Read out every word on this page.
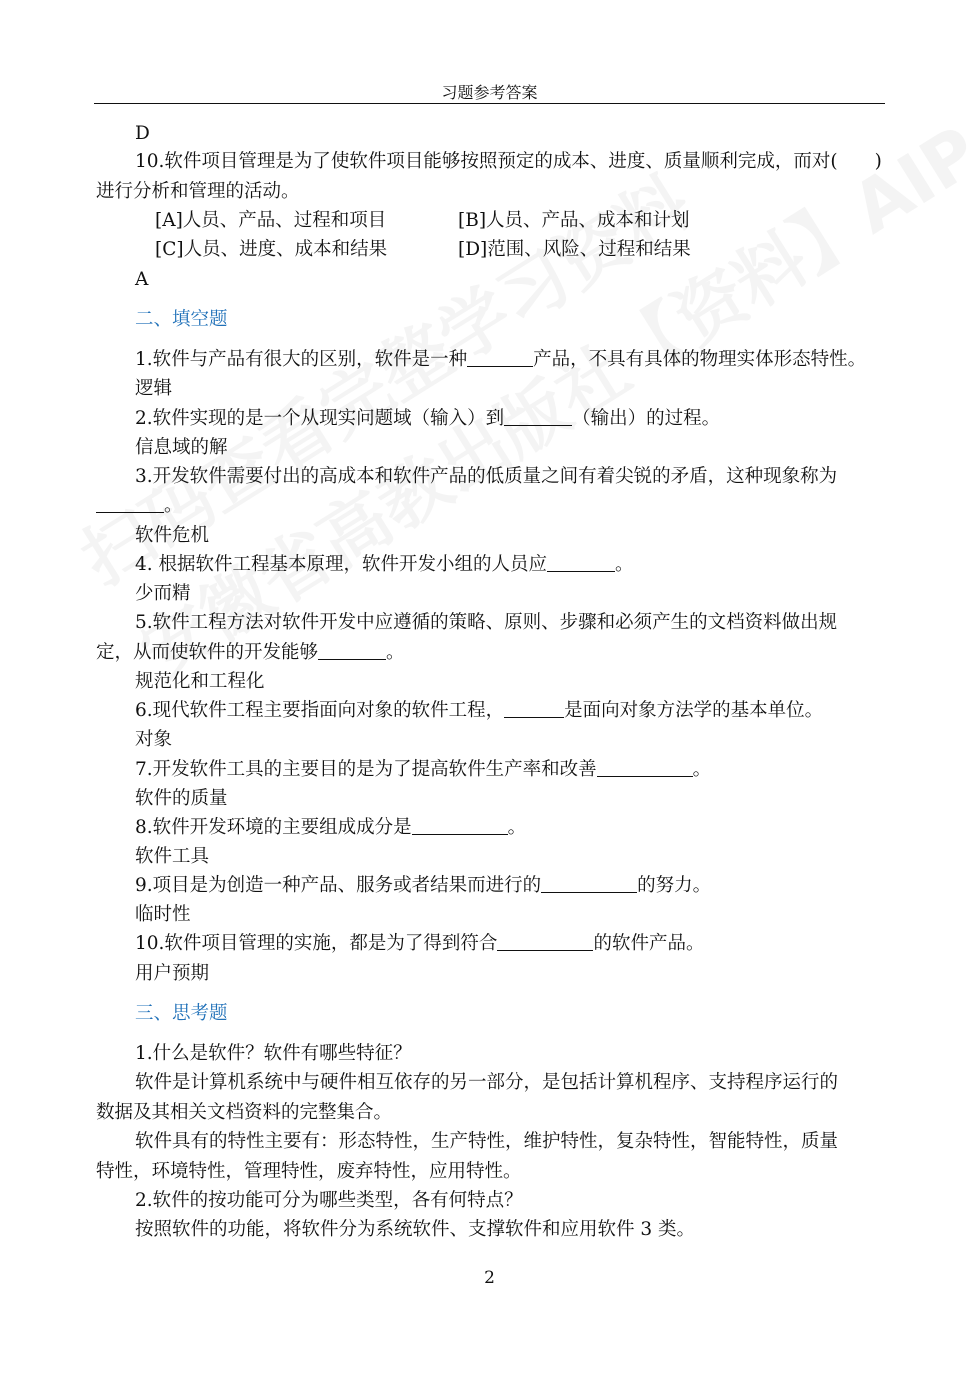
习题参考答案
D
10.软件项目管理是为了使软件项目能够按照预定的成本、进度、质量顺利完成，而对(　　)
进行分析和管理的活动。
[A]人员、产品、过程和项目	[B]人员、产品、成本和计划
[C]人员、进度、成本和结果	[D]范围、风险、过程和结果
A
二、填空题
1.软件与产品有很大的区别，软件是一种	产品，不具有具体的物理实体形态特性。
逻辑
2.软件实现的是一个从现实问题域（输入）到	（输出）的过程。
信息域的解
3.开发软件需要付出的高成本和软件产品的低质量之间有着尖锐的矛盾，这种现象称为
。
软件危机
4. 根据软件工程基本原理，软件开发小组的人员应	。
少而精
5.软件工程方法对软件开发中应遵循的策略、原则、步骤和必须产生的文档资料做出规
定，从而使软件的开发能够	。
规范化和工程化
6.现代软件工程主要指面向对象的软件工程，	是面向对象方法学的基本单位。
对象
7.开发软件工具的主要目的是为了提高软件生产率和改善	。
软件的质量
8.软件开发环境的主要组成成分是	。
软件工具
9.项目是为创造一种产品、服务或者结果而进行的	的努力。
临时性
10.软件项目管理的实施，都是为了得到符合	的软件产品。
用户预期
三、思考题
1.什么是软件？软件有哪些特征？
软件是计算机系统中与硬件相互依存的另一部分，是包括计算机程序、支持程序运行的
数据及其相关文档资料的完整集合。
软件具有的特性主要有：形态特性，生产特性，维护特性，复杂特性，智能特性，质量
特性，环境特性，管理特性，废弃特性，应用特性。
2.软件的按功能可分为哪些类型，各有何特点？
按照软件的功能，将软件分为系统软件、支撑软件和应用软件 3 类。
2
